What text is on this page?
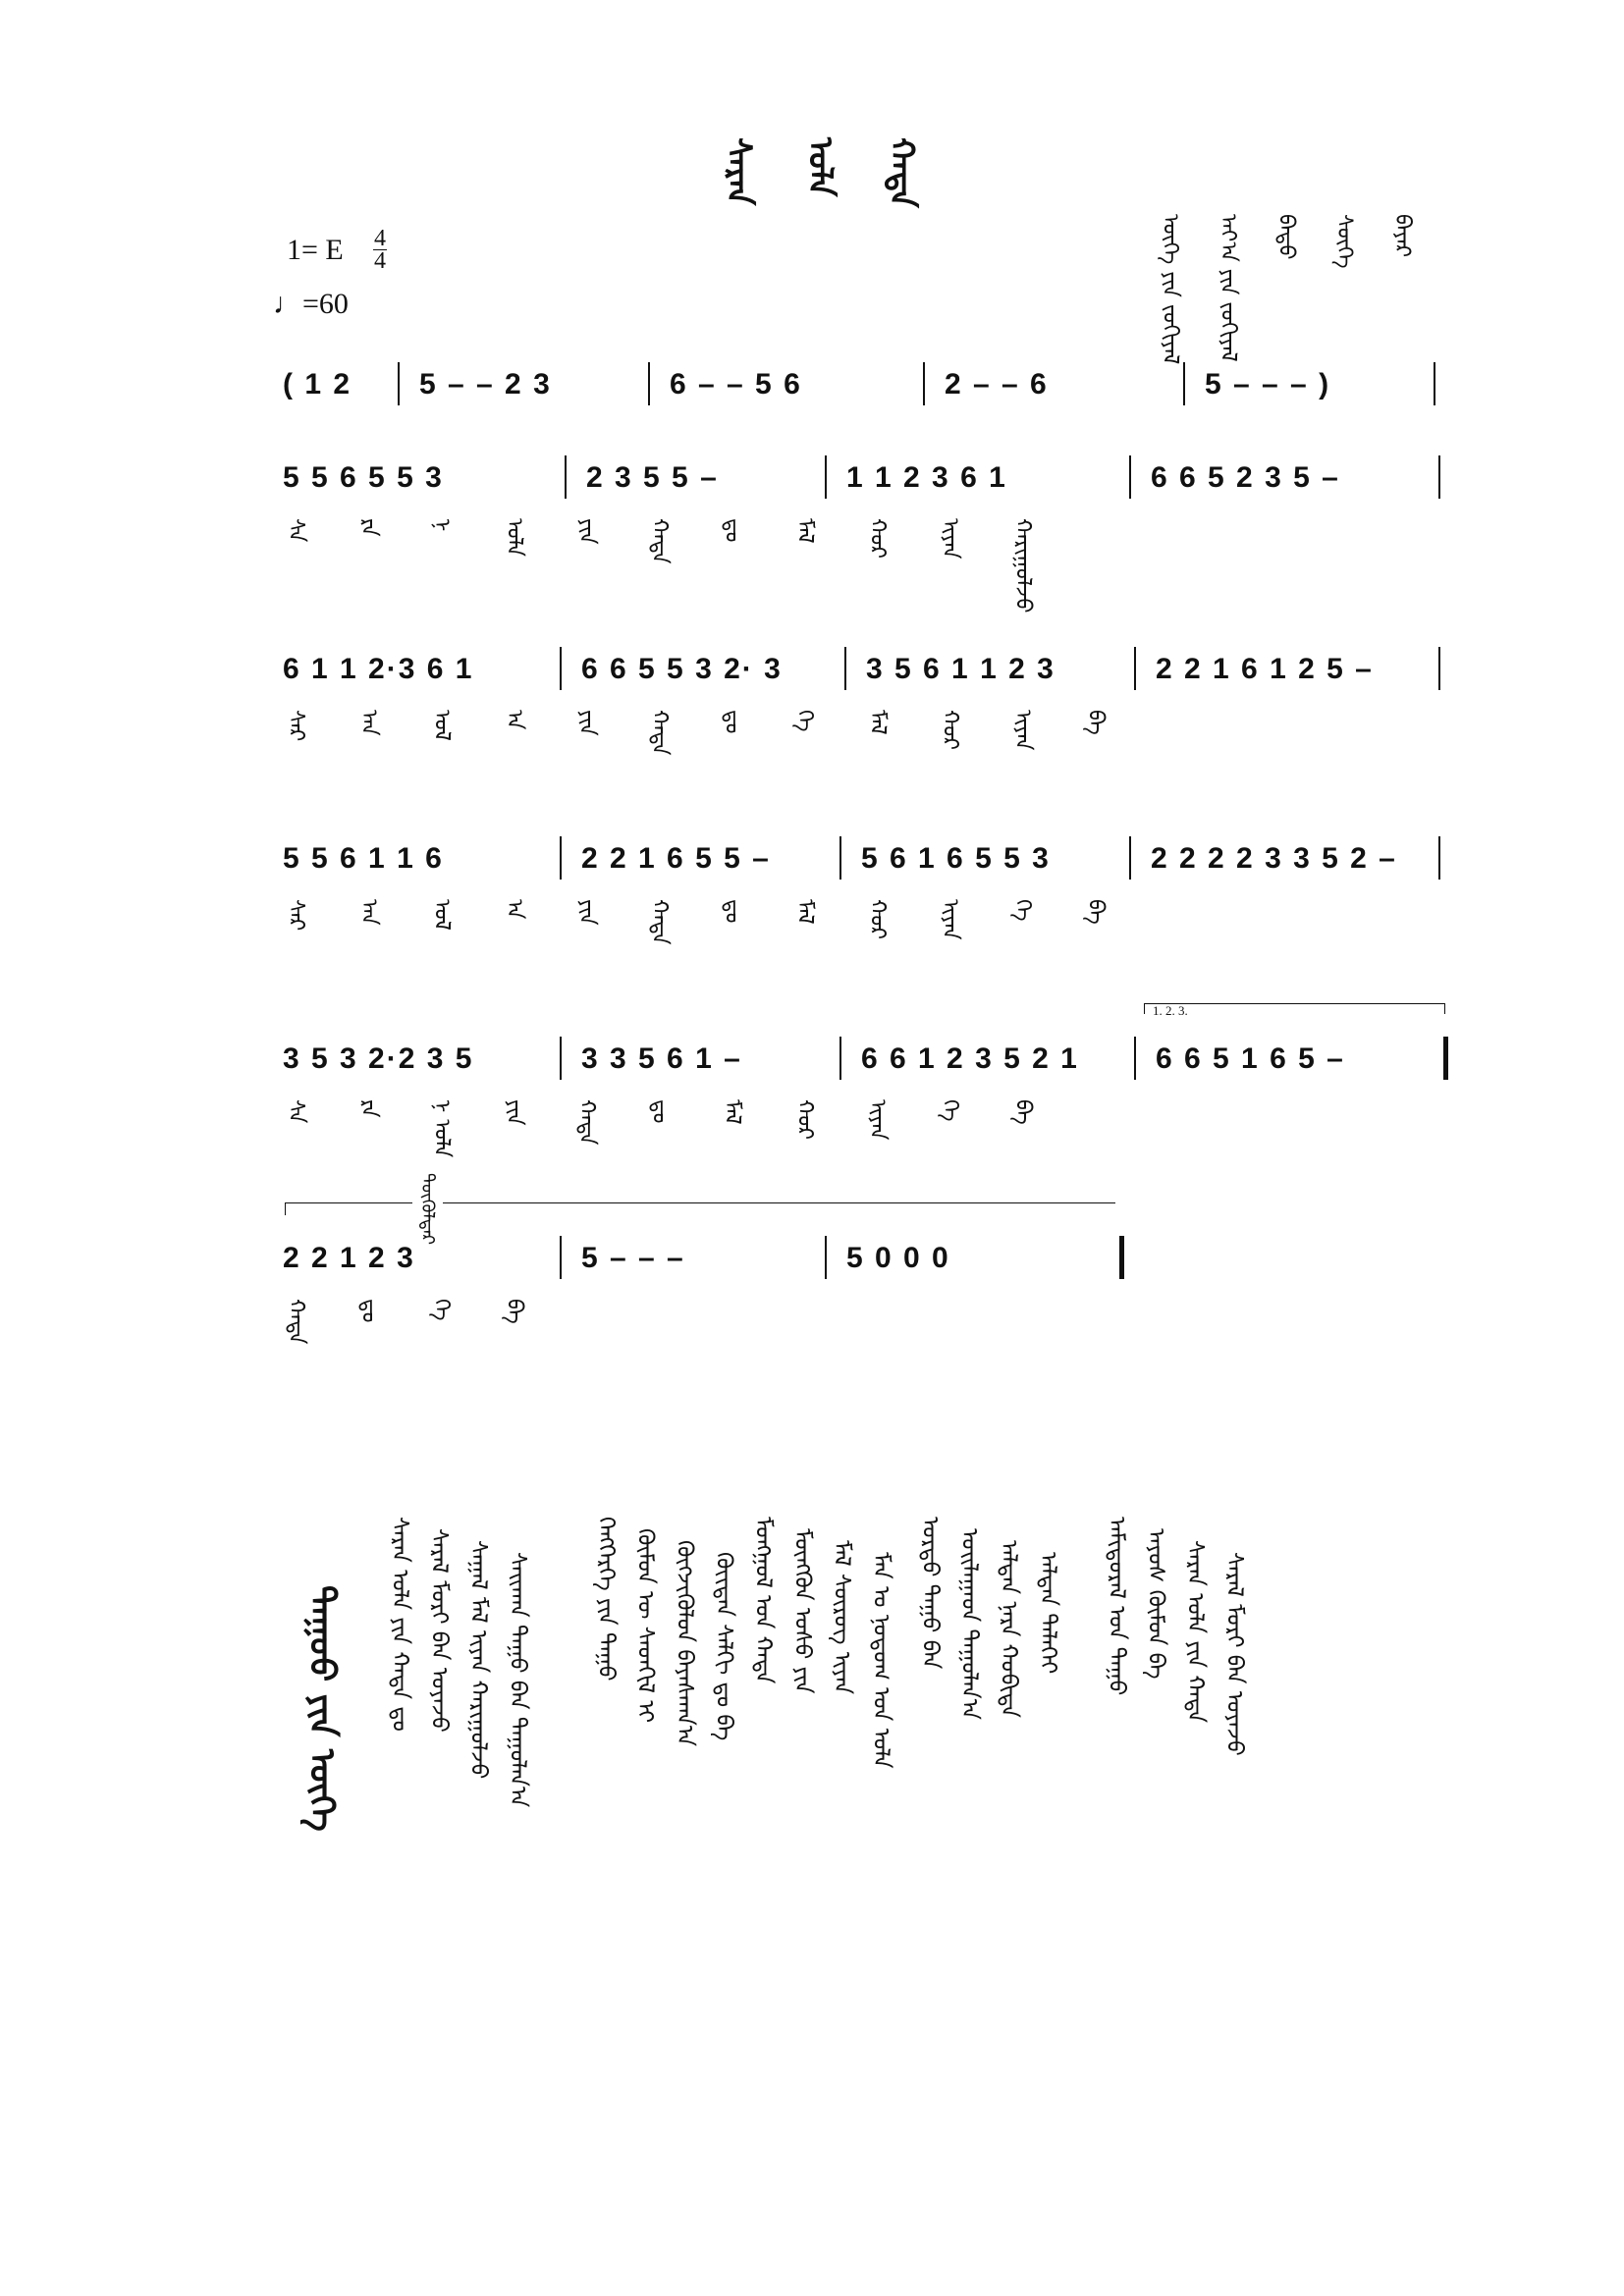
ᠰᠠᠷᠠᠨ ᠤᠯᠠ ᠬᠠᠳᠠ
1= E 4
4
♩=60	ᠦᠭᠡ ᠶᠢᠨ ᠵᠣᠬᠢᠶᠠᠯ ᠠᠶ᠎ᠠ ᠶᠢᠨ ᠵᠣᠬᠢᠶᠠᠯ ᠪᠠᠲᠤ ᠰᠦᠬᠡ ᠪᠠᠶᠠᠷ
( 1 2 5 – – 2 3	6 – – 5 6	2 – – 6	5 – – – )
5 5 6 5 5 3	2 3 5 5 –	1 1 2 3 6 1	6 6 5 2 3 5 –
ᠰᠠ ᠷᠠ ᠨ ᠤᠯᠠ ᠶᠢᠨ ᠬᠠᠳᠠ ᠳᠤ ᠮᠠᠯ ᠬᠣᠷ ᠢᠶᠠᠨ ᠬᠠᠷᠢᠭᠤᠯᠵᠤ
6 1 1 2·3 6 1	6 6 5 5 3 2· 3	3 5 6 1 1 2 3	2 2 1 6 1 2 5 –
ᠰᠠᠷ ᠠᠨ ᠤᠯ ᠠ ᠶᠢᠨ ᠬᠠᠳᠠ ᠳᠤ ᠭᠡ ᠮᠠᠯ ᠬᠣᠷ ᠢᠶᠠᠨ ᠪᠡ
5 5 6 1 1 6	2 2 1 6 5 5 –	5 6 1 6 5 5 3	2 2 2 2 3 3 5 2 –
ᠰᠠᠷ ᠠᠨ ᠤᠯ ᠠ ᠶᠢᠨ ᠬᠠᠳᠠ ᠳᠤ ᠮᠠᠯ ᠬᠣᠷ ᠢᠶᠠᠨ ᠭᠡ ᠪᠡ
3 5 3 2·2 3 5	3 3 5 6 1 –	6 6 1 2 3 5 2 1	6 6 5 1 6 5 –
1. 2. 3.
ᠰᠠ ᠷᠠ ᠨ ᠤᠯᠠ ᠶᠢᠨ ᠬᠠᠳᠠ ᠳᠤ ᠮᠠᠯ ᠬᠣᠷ ᠢᠶᠠᠨ ᠭᠡ ᠪᠡ
2 2 1 2 3	5 – – –	5 0 0 0
ᠳᠦᠭᠦᠯᠳᠡᠷ
ᠬᠠᠳᠠ ᠳᠤ ᠭᠡ ᠪᠡ
ᠳᠠᠭᠤᠤ ᠶᠢᠨ ᠦᠭᠡ ᠰᠠᠷᠠᠨ ᠤᠯᠠ ᠶᠢᠨ ᠬᠠᠳᠠ ᠳᠤ ᠰᠠᠷᠠᠯ ᠮᠣᠷᠢ ᠪᠠᠨ ᠤᠶᠠᠵᠤ ᠰᠠᠭᠠᠯ ᠮᠠᠯ ᠢᠶᠠᠨ ᠬᠠᠷᠢᠭᠤᠯᠵᠤ ᠰᠠᠢᠬᠠᠨ ᠳᠠᠭᠤ ᠪᠡᠨ ᠳᠠᠭᠤᠯᠠᠨ᠎ᠠ	ᠬᠡᠩᠭᠡᠷᠭᠡ ᠶᠢᠨ ᠳᠠᠭᠤ ᠬᠦᠮᠦᠨ ᠦ ᠰᠡᠳᠬᠢᠯ ᠢ ᠬᠥᠭᠵᠢᠭᠦᠯᠦᠨ ᠪᠠᠶᠠᠰᠬᠠᠨ᠎ᠠ ᠬᠦᠢᠲᠡᠨ ᠰᠠᠯᠬᠢ ᠳᠤ ᠪᠡ ᠮᠣᠩᠭᠣᠯ ᠤᠨ ᠬᠠᠳᠠ ᠮᠥᠩᠭᠦᠨ ᠤᠰᠤ ᠶᠢᠨ ᠮᠠᠯ ᠰᠦᠷᠦᠭ ᠢᠶᠡᠨ ᠮᠠᠨ ᠤ ᠨᠤᠲᠤᠭ ᠤᠨ ᠤᠯᠠ ᠤᠷᠲᠤ ᠳᠠᠭᠤ ᠪᠡᠨ ᠤᠢᠯᠠᠭᠠᠳ ᠳᠠᠭᠤᠯᠠᠨ᠎ᠠ ᠠᠯᠲᠠᠨ ᠨᠠᠷᠠ ᠬᠣᠪᠢᠳᠠ ᠠᠯᠲᠠᠨ ᠳᠡᠯᠡᠬᠡᠢ ᠠᠮᠢᠳᠤᠷᠠᠯ ᠤᠨ ᠳᠠᠭᠤ ᠠᠶᠤᠰ ᠬᠦᠮᠦᠨ ᠪᠡ ᠰᠠᠷᠠᠨ ᠤᠯᠠ ᠶᠢᠨ ᠬᠠᠳᠠ ᠰᠠᠷᠠᠯ ᠮᠣᠷᠢ ᠪᠠᠨ ᠤᠶᠠᠵᠤ
